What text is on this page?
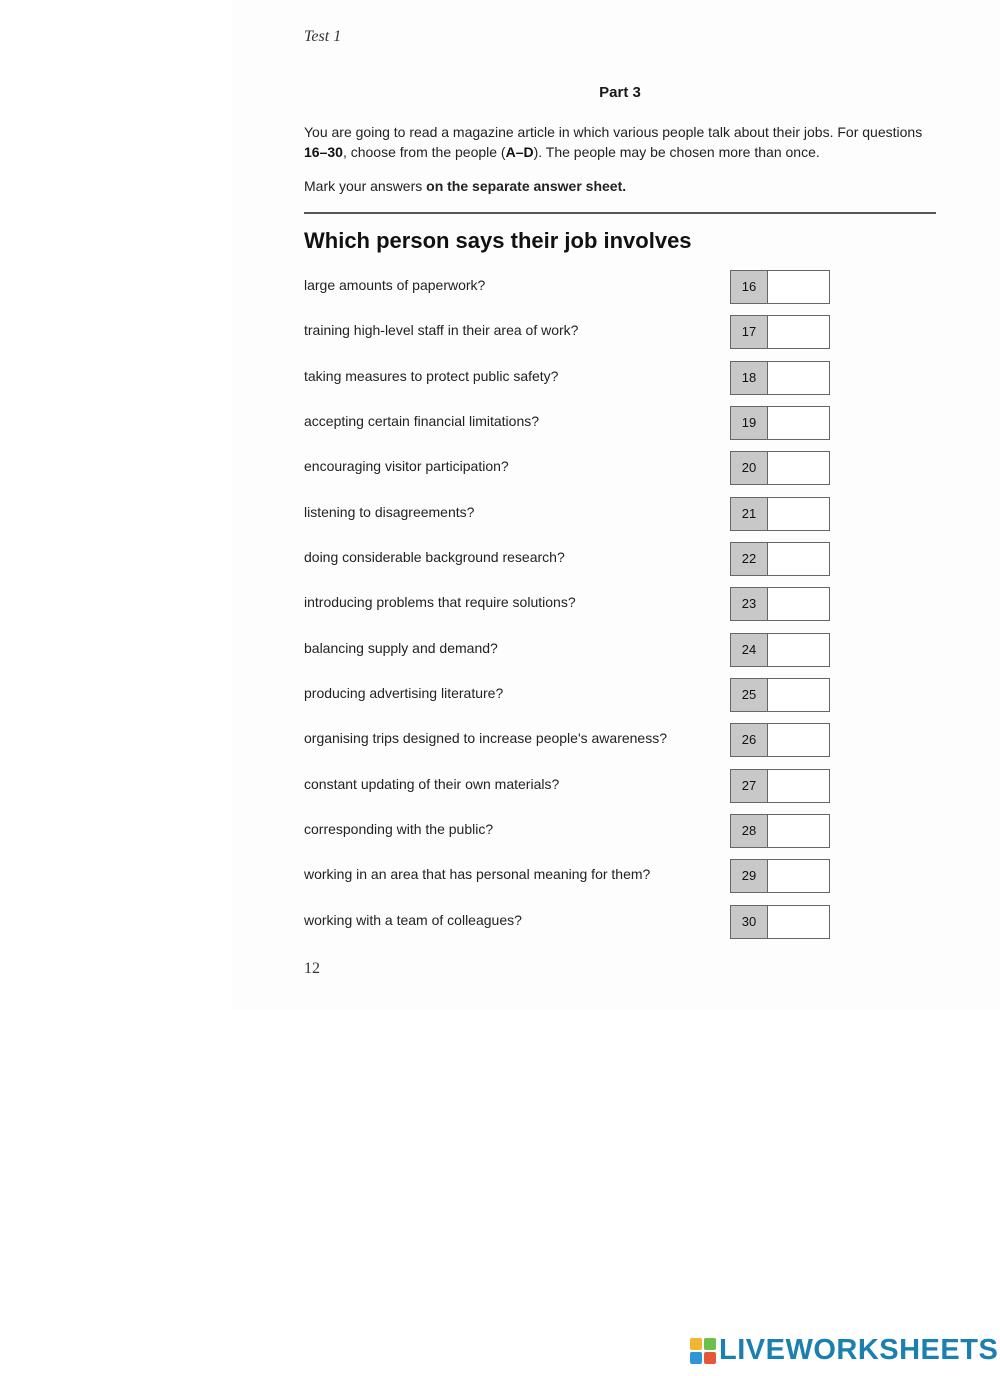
Test 1
Part 3
You are going to read a magazine article in which various people talk about their jobs. For questions
16–30, choose from the people (A–D). The people may be chosen more than once.
Mark your answers on the separate answer sheet.
Which person says their job involves
large amounts of paperwork?	16
training high-level staff in their area of work?	17
taking measures to protect public safety?	18
accepting certain financial limitations?	19
encouraging visitor participation?	20
listening to disagreements?	21
doing considerable background research?	22
introducing problems that require solutions?	23
balancing supply and demand?	24
producing advertising literature?	25
organising trips designed to increase people's awareness?	26
constant updating of their own materials?	27
corresponding with the public?	28
working in an area that has personal meaning for them?	29
working with a team of colleagues?	30
12
LIVEWORKSHEETS
